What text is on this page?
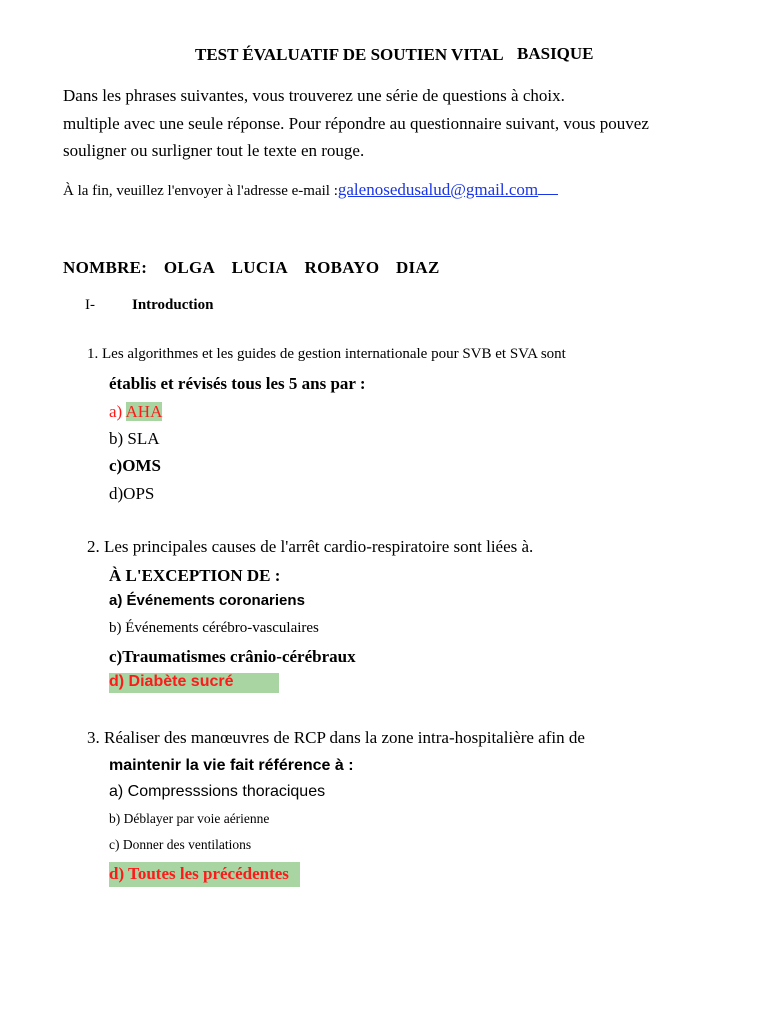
TEST ÉVALUATIF DE SOUTIEN VITAL BASIQUE
Dans les phrases suivantes, vous trouverez une série de questions à choix.
multiple avec une seule réponse. Pour répondre au questionnaire suivant, vous pouvez
souligner ou surligner tout le texte en rouge.
À la fin, veuillez l'envoyer à l'adresse e-mail :galenosedusalud@gmail.com
NOMBRE: OLGA LUCIA ROBAYO DIAZ
I- Introduction
1. Les algorithmes et les guides de gestion internationale pour SVB et SVA sont
établis et révisés tous les 5 ans par :
a) AHA
b) SLA
c)OMS
d)OPS
2. Les principales causes de l'arrêt cardio-respiratoire sont liées à.
À L'EXCEPTION DE :
a) Événements coronariens
b) Événements cérébro-vasculaires
c)Traumatismes crânio-cérébraux
d) Diabète sucré
3. Réaliser des manœuvres de RCP dans la zone intra-hospitalière afin de
maintenir la vie fait référence à :
a) Compresssions thoraciques
b) Déblayer par voie aérienne
c) Donner des ventilations
d) Toutes les précédentes
